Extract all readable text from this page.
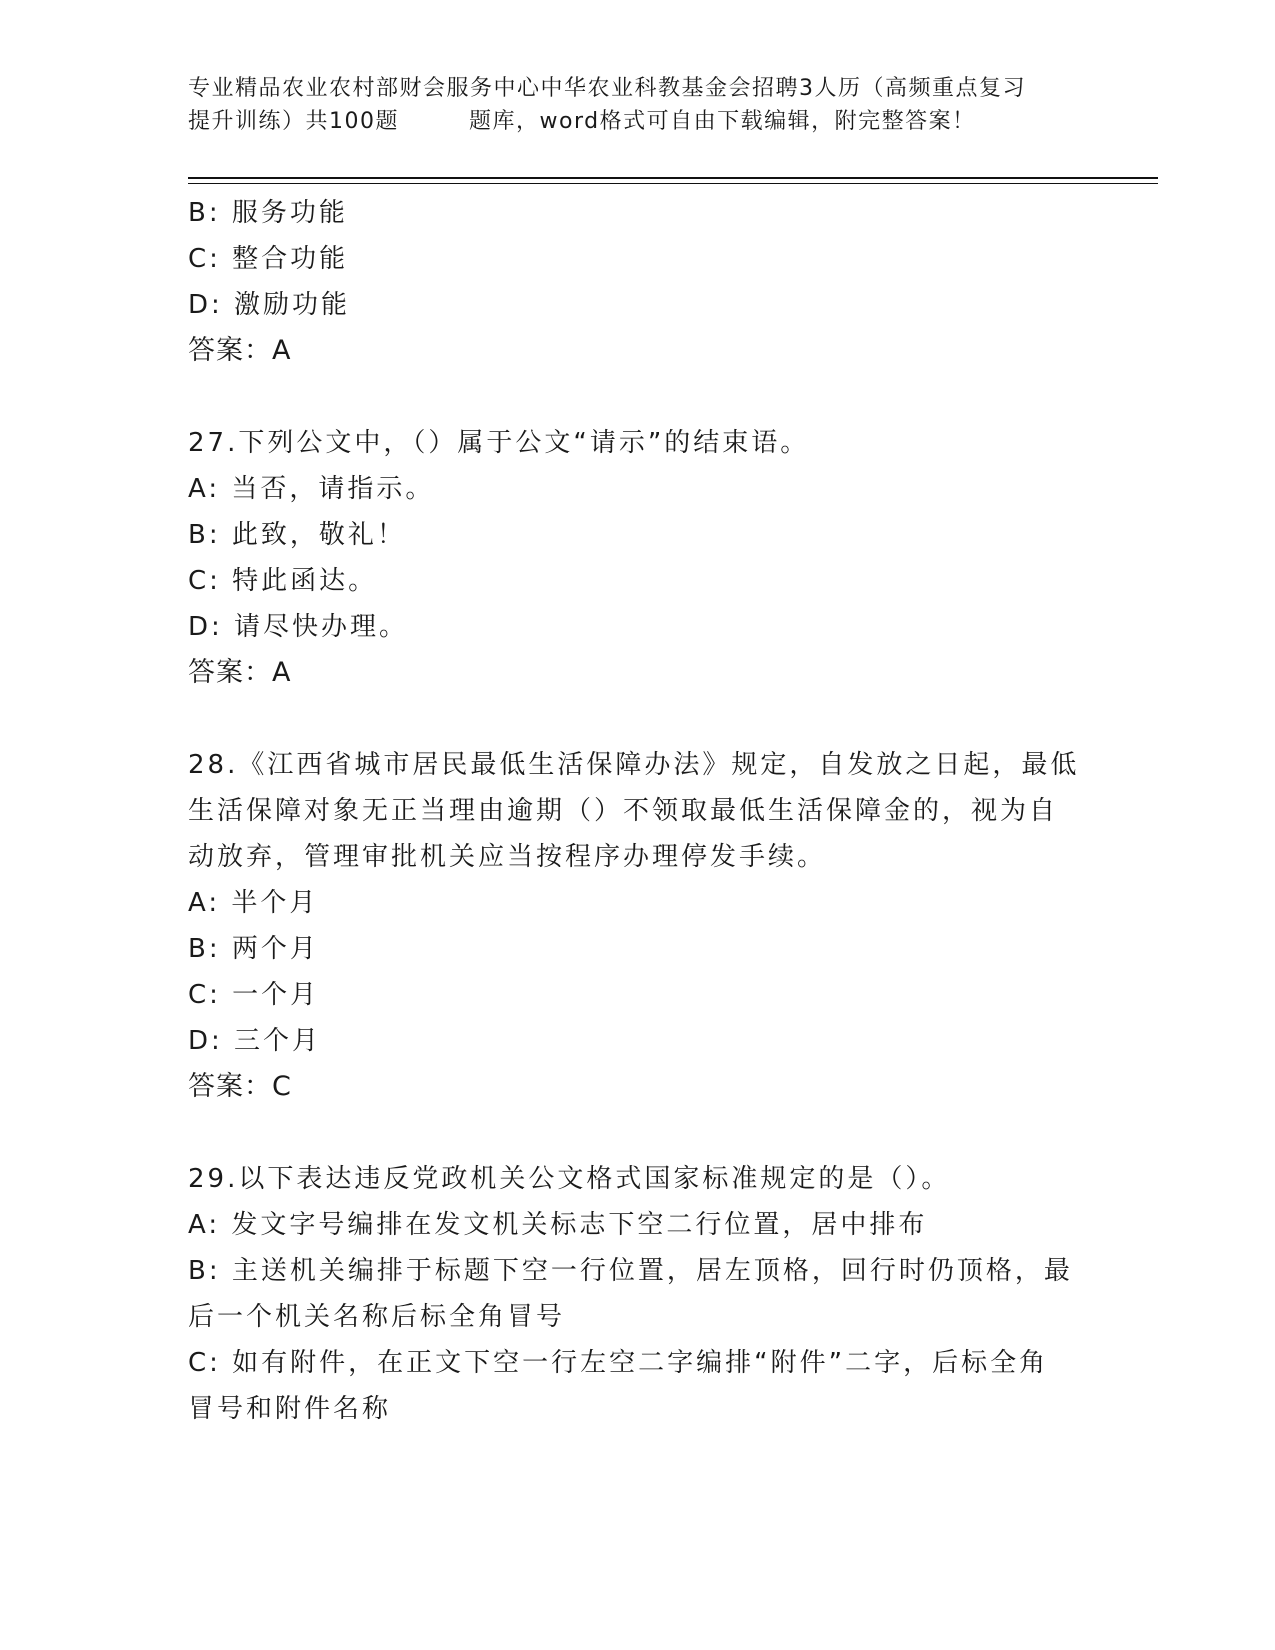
专业精品农业农村部财会服务中心中华农业科教基金会招聘3人历（高频重点复习
提升训练）共100题	题库，word格式可自由下载编辑，附完整答案！
B: 服务功能
C: 整合功能
D: 激励功能
答案：A
27.下列公文中，（）属于公文“请示”的结束语。
A: 当否，请指示。
B: 此致，敬礼！
C: 特此函达。
D: 请尽快办理。
答案：A
28.《江西省城市居民最低生活保障办法》规定，自发放之日起，最低
生活保障对象无正当理由逾期（）不领取最低生活保障金的，视为自
动放弃，管理审批机关应当按程序办理停发手续。
A: 半个月
B: 两个月
C: 一个月
D: 三个月
答案：C
29.以下表达违反党政机关公文格式国家标准规定的是（）。
A: 发文字号编排在发文机关标志下空二行位置，居中排布
B: 主送机关编排于标题下空一行位置，居左顶格，回行时仍顶格，最
后一个机关名称后标全角冒号
C: 如有附件，在正文下空一行左空二字编排“附件”二字，后标全角
冒号和附件名称
